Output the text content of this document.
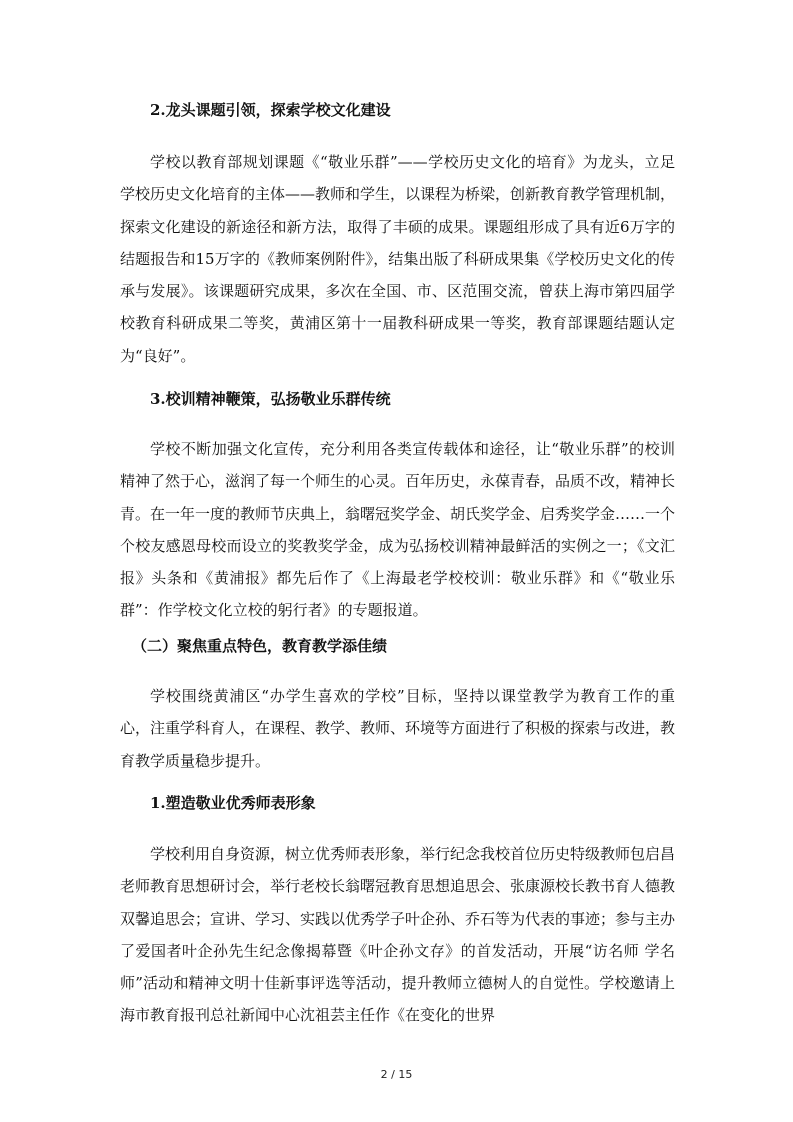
2.龙头课题引领，探索学校文化建设

学校以教育部规划课题《“敬业乐群”——学校历史文化的培育》为龙头，立足学校历史文化培育的主体——教师和学生，以课程为桥梁，创新教育教学管理机制，探索文化建设的新途径和新方法，取得了丰硕的成果。课题组形成了具有近6万字的结题报告和15万字的《教师案例附件》，结集出版了科研成果集《学校历史文化的传承与发展》。该课题研究成果，多次在全国、市、区范围交流，曾获上海市第四届学校教育科研成果二等奖，黄浦区第十一届教科研成果一等奖，教育部课题结题认定为“良好”。

3.校训精神鞭策，弘扬敬业乐群传统

学校不断加强文化宣传，充分利用各类宣传载体和途径，让“敬业乐群”的校训精神了然于心，滋润了每一个师生的心灵。百年历史，永葆青春，品质不改，精神长青。在一年一度的教师节庆典上，翁曙冠奖学金、胡氏奖学金、启秀奖学金……一个个校友感恩母校而设立的奖教奖学金，成为弘扬校训精神最鲜活的实例之一；《文汇报》头条和《黄浦报》都先后作了《上海最老学校校训：敬业乐群》和《“敬业乐群”：作学校文化立校的躬行者》的专题报道。

（二）聚焦重点特色，教育教学添佳绩

学校围绕黄浦区“办学生喜欢的学校”目标，坚持以课堂教学为教育工作的重心，注重学科育人，在课程、教学、教师、环境等方面进行了积极的探索与改进，教育教学质量稳步提升。

1.塑造敬业优秀师表形象

学校利用自身资源，树立优秀师表形象，举行纪念我校首位历史特级教师包启昌老师教育思想研讨会，举行老校长翁曙冠教育思想追思会、张康源校长教书育人德教双馨追思会；宣讲、学习、实践以优秀学子叶企孙、乔石等为代表的事迹；参与主办了爱国者叶企孙先生纪念像揭幕暨《叶企孙文存》的首发活动，开展“访名师 学名师”活动和精神文明十佳新事评选等活动，提升教师立德树人的自觉性。学校邀请上海市教育报刊总社新闻中心沈祖芸主任作《在变化的世界

2 / 15
